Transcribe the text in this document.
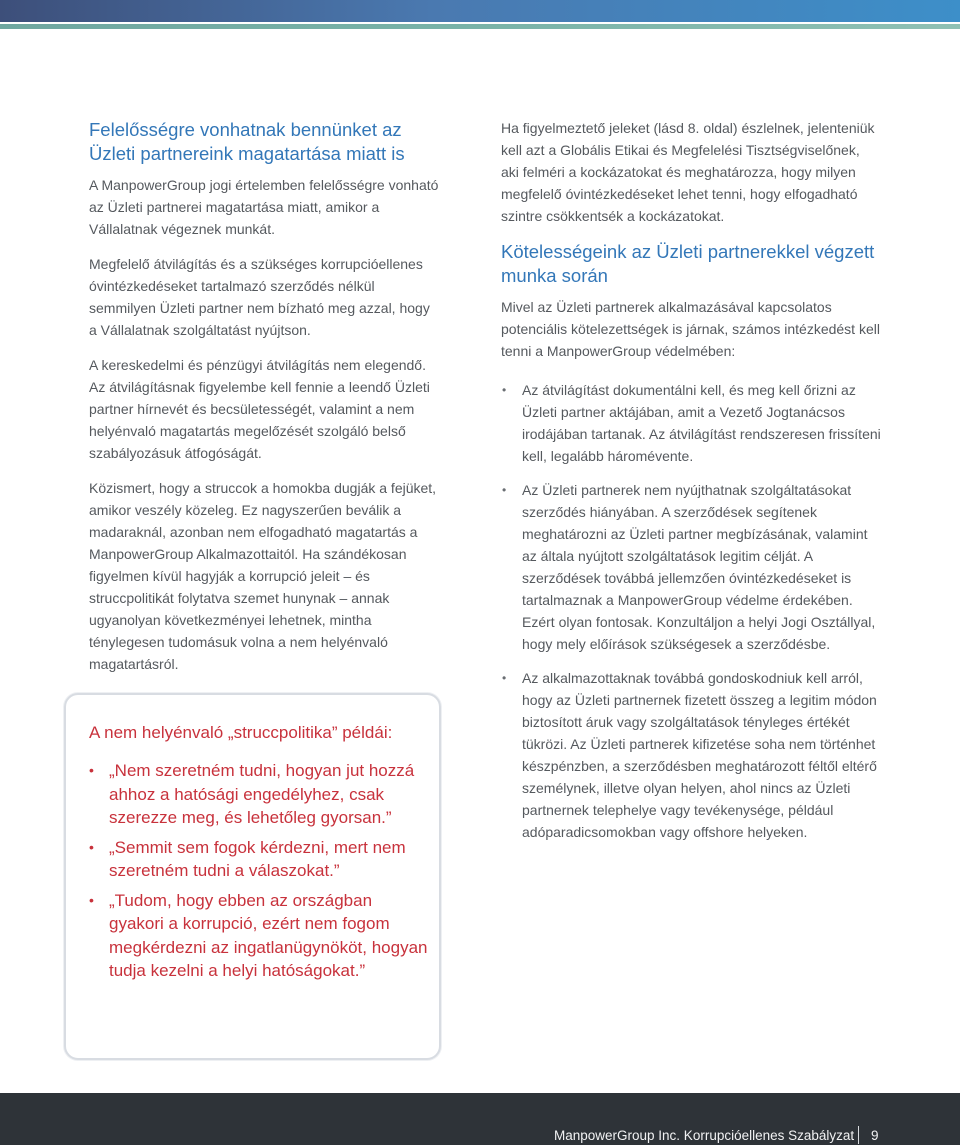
Felelősségre vonhatnak bennünket az Üzleti partnereink magatartása miatt is

A ManpowerGroup jogi értelemben felelősségre vonható az Üzleti partnerei magatartása miatt, amikor a Vállalatnak végeznek munkát.

Megfelelő átvilágítás és a szükséges korrupcióellenes óvintézkedéseket tartalmazó szerződés nélkül semmilyen Üzleti partner nem bízható meg azzal, hogy a Vállalatnak szolgáltatást nyújtson.

A kereskedelmi és pénzügyi átvilágítás nem elegendő.
Az átvilágításnak figyelembe kell fennie a leendő Üzleti partner hírnevét és becsületességét, valamint a nem helyénvaló magatartás megelőzését szolgáló belső szabályozásuk átfogóságát.

Közismert, hogy a struccok a homokba dugják a fejüket, amikor veszély közeleg. Ez nagyszerűen beválik a madaraknál, azonban nem elfogadható magatartás a ManpowerGroup Alkalmazottaitól. Ha szándékosan figyelmen kívül hagyják a korrupció jeleit – és struccpolitikát folytatva szemet hunynak – annak ugyanolyan következményei lehetnek, mintha ténylegesen tudomásuk volna a nem helyénvaló magatartásról.

A nem helyénvaló „struccpolitika” példái:
• „Nem szeretném tudni, hogyan jut hozzá ahhoz a hatósági engedélyhez, csak szerezze meg, és lehetőleg gyorsan.”
• „Semmit sem fogok kérdezni, mert nem szeretném tudni a válaszokat.”
• „Tudom, hogy ebben az országban gyakori a korrupció, ezért nem fogom megkérdezni az ingatlanügynököt, hogyan tudja kezelni a helyi hatóságokat.”

Ha figyelmeztető jeleket (lásd 8. oldal) észlelnek, jelenteniük kell azt a Globális Etikai és Megfelelési Tisztségviselőnek, aki felméri a kockázatokat és meghatározza, hogy milyen megfelelő óvintézkedéseket lehet tenni, hogy elfogadható szintre csökkentsék a kockázatokat.

Kötelességeink az Üzleti partnerekkel végzett munka során

Mivel az Üzleti partnerek alkalmazásával kapcsolatos potenciális kötelezettségek is járnak, számos intézkedést kell tenni a ManpowerGroup védelmében:

• Az átvilágítást dokumentálni kell, és meg kell őrizni az Üzleti partner aktájában, amit a Vezető Jogtanácsos irodájában tartanak. Az átvilágítást rendszeresen frissíteni kell, legalább háromévente.
• Az Üzleti partnerek nem nyújthatnak szolgáltatásokat szerződés hiányában. A szerződések segítenek meghatározni az Üzleti partner megbízásának, valamint az általa nyújtott szolgáltatások legitim célját. A szerződések továbbá jellemzően óvintézkedéseket is tartalmaznak a ManpowerGroup védelme érdekében. Ezért olyan fontosak. Konzultáljon a helyi Jogi Osztállyal, hogy mely előírások szükségesek a szerződésbe.
• Az alkalmazottaknak továbbá gondoskodniuk kell arról, hogy az Üzleti partnernek fizetett összeg a legitim módon biztosított áruk vagy szolgáltatások tényleges értékét tükrözi. Az Üzleti partnerek kifizetése soha nem történhet készpénzben, a szerződésben meghatározott féltől eltérő személynek, illetve olyan helyen, ahol nincs az Üzleti partnernek telephelye vagy tevékenysége, például adóparadicsomokban vagy offshore helyeken.
ManpowerGroup Inc. Korrupcióellenes Szabályzat 9
